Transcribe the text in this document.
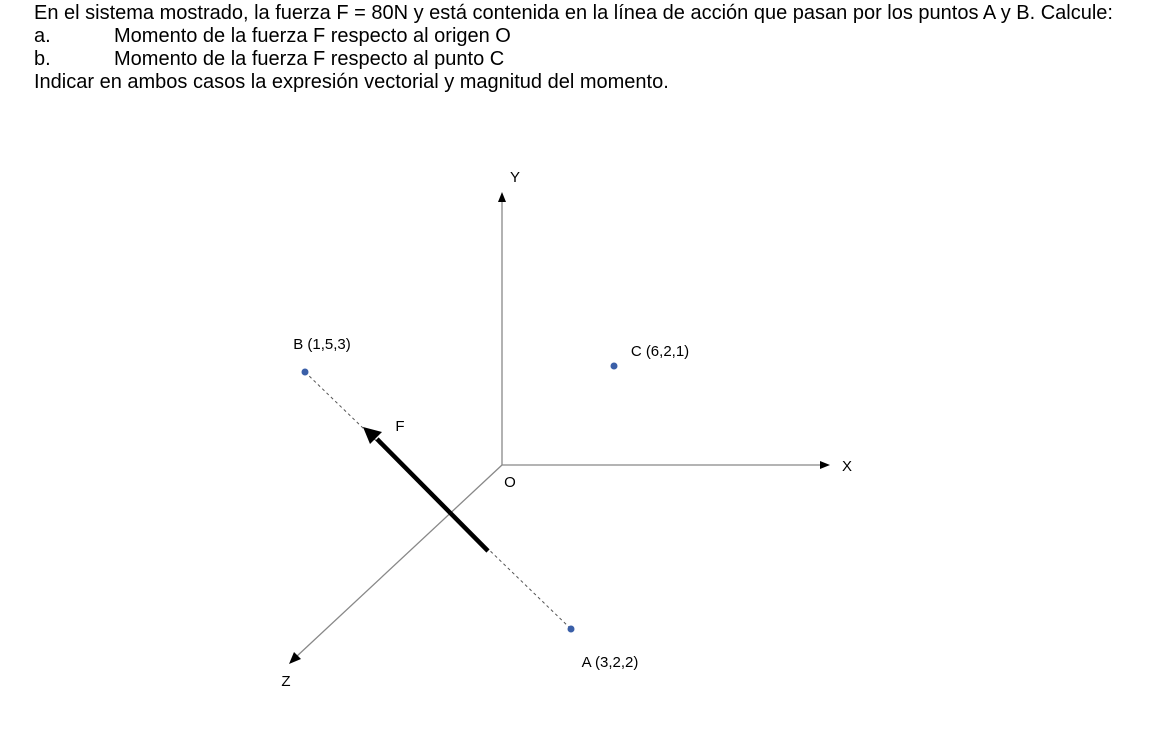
En el sistema mostrado, la fuerza F = 80N y está contenida en la línea de acción que pasan por los puntos A y B. Calcule:

a.	Momento de la fuerza F respecto al origen O
b.	Momento de la fuerza F respecto al punto C

Indicar en ambos casos la expresión vectorial y magnitud del momento.

Y
X
Z
O
F
B (1,5,3)	C (6,2,1)
A (3,2,2)
